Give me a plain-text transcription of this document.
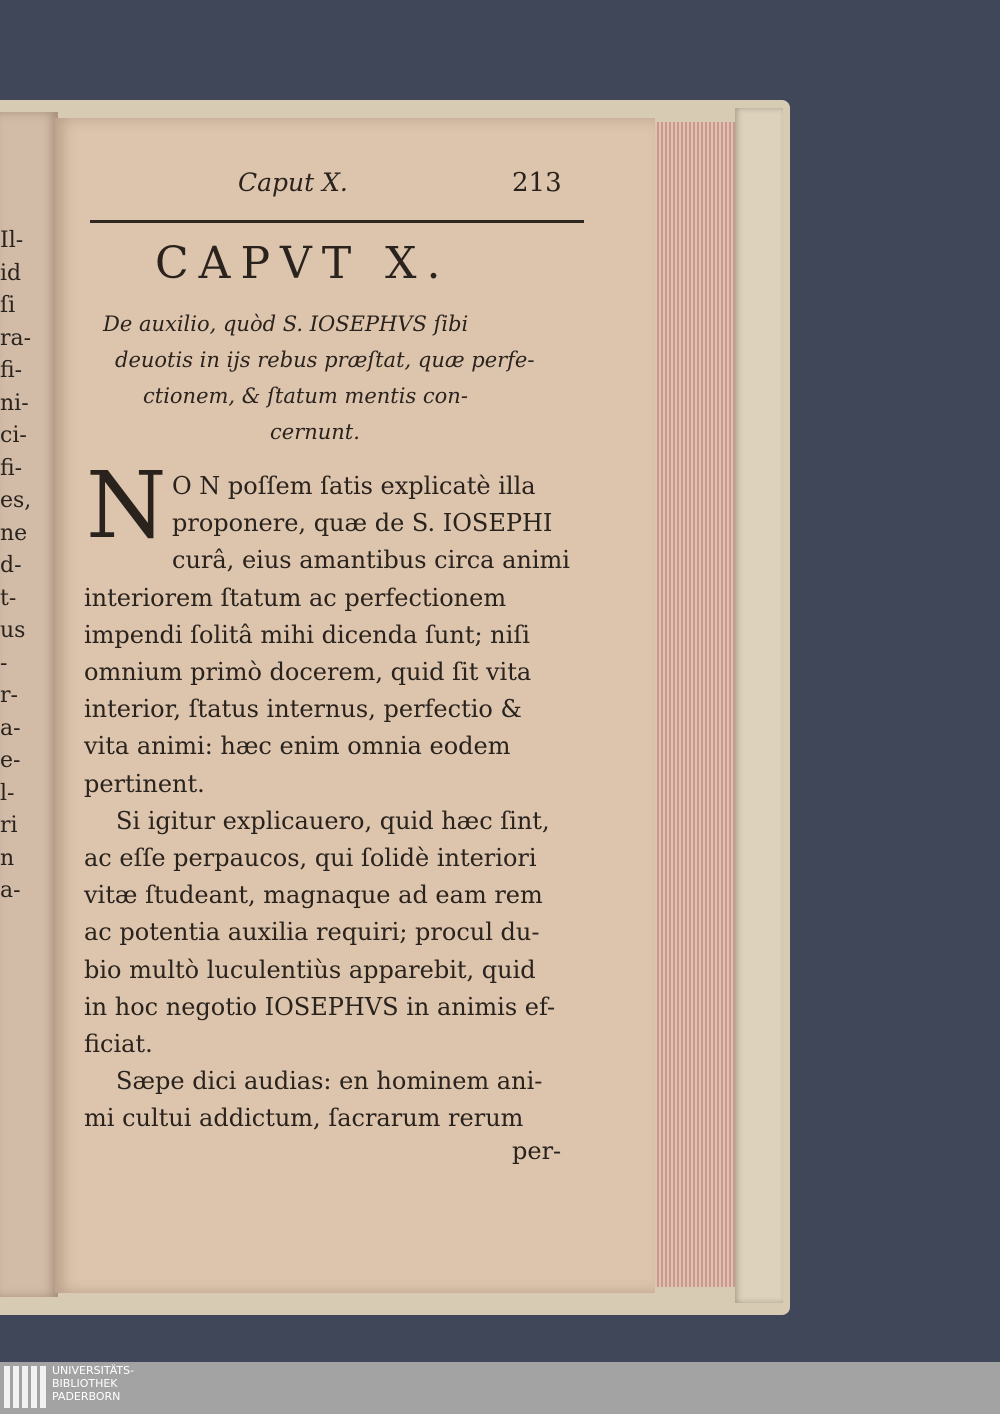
Il-
id
ſi
ra-
fi-
ni-
ci-
fi-
es,
ne
d-
t-
us
-
r-
a-
e-
l-
ri
n
a-
Caput X.	213
CAPVT X.
De auxilio, quòd S. IOSEPHVS ſibi
deuotis in ijs rebus præſtat, quæ perfe-
ctionem, & ſtatum mentis con-
cernunt.
N O N poſſem ſatis explicatè illa
proponere, quæ de S. IOSEPHI
curâ, eius amantibus circa animi
interiorem ſtatum ac perfectionem
impendi ſolitâ mihi dicenda ſunt; niſi
omnium primò docerem, quid ſit vita
interior, ſtatus internus, perfectio &
vita animi: hæc enim omnia eodem
pertinent.
Si igitur explicauero, quid hæc ſint,
ac eſſe perpaucos, qui ſolidè interiori
vitæ ſtudeant, magnaque ad eam rem
ac potentia auxilia requiri; procul du-
bio multò luculentiùs apparebit, quid
in hoc negotio IOSEPHVS in animis ef-
ficiat.
Sæpe dici audias: en hominem ani-
mi cultui addictum, ſacrarum rerum
per-
UNIVERSITÄTS-
BIBLIOTHEK
PADERBORN
